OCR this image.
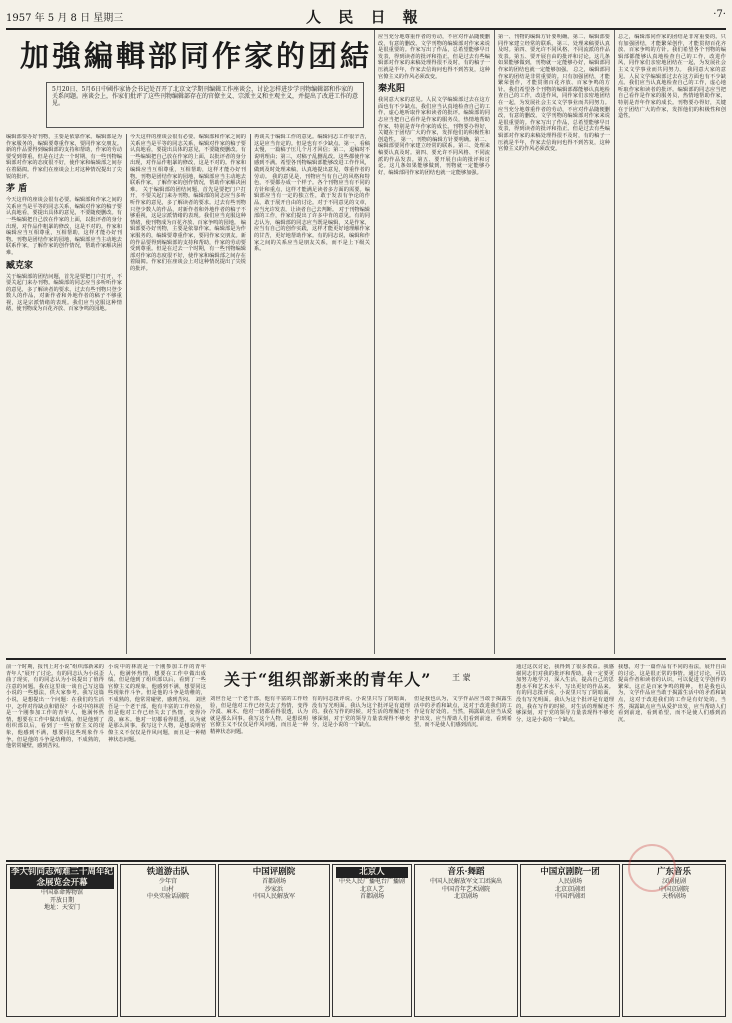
1957 年 5 月 8 日 星期三	人 民 日 報	·7·
加強編輯部同作家的团結
5月20日、5月6日中國作家协会书记处召开了北京文学期刊编辑工作座谈会，讨论怎样进步学刊物编辑部和作家的关系问题。座谈会上，作家们批评了这些刊物编辑部存在的官僚主义、宗派主义和主观主义，并提出了改进工作的意见。
编辑部要办好刊物，主要是依靠作家。编辑部是为作家服务的，编辑要尊重作家，要同作家交朋友。新的作品要得到编辑部的支持和帮助，作家的劳动要受到尊重。但是在过去一个时期，有一些刊物编辑部对作家的态度很不好，使作家和编辑部之间存在着隔阂。作家们在座谈会上对这种情况提出了尖锐的批评。
茅 盾
今天这样的座谈会很有必要。编辑部和作家之间的关系应当是平等的同志关系，编辑对作家的稿子要认真地看，要提出具体的意见，不要随便删改。有一些编辑把自己放在作家的上面，以批评者的身分出现，对作品作粗暴的修改，这是不对的。作家和编辑应当互相尊重，互相帮助，这样才能办好刊物。刊物是团结作家的园地，编辑部应当主动地去联系作家，了解作家的创作情况，帮助作家解决困难。
臧克家
关于编辑部的团结问题，首先是要把门户打开，不要关起门来办刊物。编辑部的同志应当多听听作家的意见，多了解读者的要求。过去有些刊物只登少数人的作品，对新作者和外地作者的稿子不够重视，这是宗派情绪的表现。我们应当克服这种情绪，使刊物成为百花齐放、百家争鸣的园地。
今天这样的座谈会很有必要。编辑部和作家之间的关系应当是平等的同志关系，编辑对作家的稿子要认真地看，要提出具体的意见，不要随便删改。有一些编辑把自己放在作家的上面，以批评者的身分出现，对作品作粗暴的修改，这是不对的。作家和编辑应当互相尊重，互相帮助，这样才能办好刊物。刊物是团结作家的园地，编辑部应当主动地去联系作家，了解作家的创作情况，帮助作家解决困难。 关于编辑部的团结问题，首先是要把门户打开，不要关起门来办刊物。编辑部的同志应当多听听作家的意见，多了解读者的要求。过去有些刊物只登少数人的作品，对新作者和外地作者的稿子不够重视，这是宗派情绪的表现。我们应当克服这种情绪，使刊物成为百花齐放、百家争鸣的园地。 编辑部要办好刊物，主要是依靠作家。编辑部是为作家服务的，编辑要尊重作家，要同作家交朋友。新的作品要得到编辑部的支持和帮助，作家的劳动要受到尊重。但是在过去一个时期，有一些刊物编辑部对作家的态度很不好，使作家和编辑部之间存在着隔阂。作家们在座谈会上对这种情况提出了尖锐的批评。
再谈关于编辑工作的意见。编辑同志工作很辛苦，这是应当肯定的。但是也有不少缺点。第一，看稿太慢，一篇稿子压几个月才回信；第二，退稿时不说明理由；第三，对稿子乱删乱改。这些都使作家感到不满。希望各刊物编辑部能够改进工作作风，做到及时处理来稿，认真地提出意见，尊重作者的劳动。 我的意见是，刊物应当有自己的风格和特色，不要都办成一个样子。各个刊物应当有不同的方针和重点，这样才能满足读者多方面的需要。编辑部应当有一定的独立性，敢于发表有争论的作品，敢于展开自由的讨论。对于不同意见的文章，应当允许发表，让读者自己去判断。 对于刊物编辑部的工作，作家们提出了许多中肯的意见。有的同志认为，编辑部的同志应当既是编辑，又是作家，应当有自己的创作实践，这样才能更好地理解作家的甘苦，更好地帮助作家。有的同志说，编辑和作家之间的关系应当是朋友关系，而不是上下级关系。
应当充分地尊重作者的劳动，不应对作品随便删改，有意的删改。文学刊物的编辑部对作家来说是很重要的。作家写出了作品，总希望能够早日发表，得到读者的批评和指正。但是过去有些编辑部对作家的来稿处理得很不及时，有的稿子一压就是半年，作家去信询问也得不到答复，这种官僚主义的作风必须改变。
秦兆阳
我同意大家的意见。人民文学编辑部过去在这方面也有不少缺点。我们应当认真地检查自己的工作，虚心地听取作家和读者的批评。编辑部的同志应当把自己看作是作家的服务员，热情地帮助作家，特别是青年作家的成长。刊物要办得好，关键在于团结广大的作家，发挥他们的积极性和创造性。 第一、刊物的编辑方针要明确。第二、编辑部要同作家建立经常的联系。第三、处理来稿要认真及时。第四、要允许不同风格、不同流派的作品发表。第五、要开展自由的批评和讨论。这几条如果能够做到，刊物就一定能够办好，编辑部同作家的团结也就一定能够加强。
第一、刊物的编辑方针要明确。第二、编辑部要同作家建立经常的联系。第三、处理来稿要认真及时。第四、要允许不同风格、不同流派的作品发表。第五、要开展自由的批评和讨论。这几条如果能够做到，刊物就一定能够办好，编辑部同作家的团结也就一定能够加强。 总之，编辑部同作家的团结是非常重要的。只有加强团结，才能繁荣创作，才能贯彻百花齐放、百家争鸣的方针。我们希望各个刊物的编辑部都能够认真地检查自己的工作，改进作风，同作家们亲密地团结在一起，为发展社会主义文学事业而共同努力。 应当充分地尊重作者的劳动，不应对作品随便删改，有意的删改。文学刊物的编辑部对作家来说是很重要的。作家写出了作品，总希望能够早日发表，得到读者的批评和指正。但是过去有些编辑部对作家的来稿处理得很不及时，有的稿子一压就是半年，作家去信询问也得不到答复，这种官僚主义的作风必须改变。
总之，编辑部同作家的团结是非常重要的。只有加强团结，才能繁荣创作，才能贯彻百花齐放、百家争鸣的方针。我们希望各个刊物的编辑部都能够认真地检查自己的工作，改进作风，同作家们亲密地团结在一起，为发展社会主义文学事业而共同努力。 我同意大家的意见。人民文学编辑部过去在这方面也有不少缺点。我们应当认真地检查自己的工作，虚心地听取作家和读者的批评。编辑部的同志应当把自己看作是作家的服务员，热情地帮助作家，特别是青年作家的成长。刊物要办得好，关键在于团结广大的作家，发挥他们的积极性和创造性。
关于“组织部新来的青年人”	王 蒙
前一个时期，报刊上对小说“组织部新来的青年人”展开了讨论。有的同志认为小说歪曲了现实，有的同志认为小说提出了值得注意的问题。我在这里谈一谈自己写这篇小说的一些想法，供大家参考。我写这篇小说，是想提出一个问题：在我们的生活中，怎样对待缺点和错误？ 小说中的林震是一个刚参加工作的青年人，他满怀热情，想要在工作中做出成绩。但是他到了组织部以后，看到了一些官僚主义的现象，他感到不满，想要同这些现象作斗争。但是他的斗争是幼稚的，不成熟的，他常常碰壁，感到苦闷。
小说中的林震是一个刚参加工作的青年人，他满怀热情，想要在工作中做出成绩。但是他到了组织部以后，看到了一些官僚主义的现象，他感到不满，想要同这些现象作斗争。但是他的斗争是幼稚的，不成熟的，他常常碰壁，感到苦闷。 刘世吾是一个老干部，他有丰富的工作经验，但是他对工作已经失去了热情，变得冷漠、麻木。他对一切都看得很透，认为就是那么回事。我写这个人物，是想说明官僚主义不仅仅是作风问题，而且是一种精神状态问题。
刘世吾是一个老干部，他有丰富的工作经验，但是他对工作已经失去了热情，变得冷漠、麻木。他对一切都看得很透，认为就是那么回事。我写这个人物，是想说明官僚主义不仅仅是作风问题，而且是一种精神状态问题。
有的同志批评说，小说里只写了阴暗面，没有写光明面。我认为这个批评是有道理的。我在写作的时候，对生活的理解还不够深刻，对于党的领导力量表现得不够充分，这是小说的一个缺点。
但是我也认为，文学作品应当敢于揭露生活中的矛盾和缺点，这对于改进我们的工作是有好处的。当然，揭露缺点应当从爱护出发，应当帮助人们看到前途，看到希望，而不是使人们感到消沉。
通过这次讨论，我得到了很多教益。我感谢同志们对我的批评和帮助。我一定要更加努力地学习，深入生活，提高自己的思想水平和艺术水平，写出更好的作品来。 有的同志批评说，小说里只写了阴暗面，没有写光明面。我认为这个批评是有道理的。我在写作的时候，对生活的理解还不够深刻，对于党的领导力量表现得不够充分，这是小说的一个缺点。
我想，对于一篇作品有不同的看法，展开自由的讨论，这是很正常的事情。通过讨论，可以提高作者和读者的认识，可以促进文学创作的繁荣。这正是百家争鸣的精神。 但是我也认为，文学作品应当敢于揭露生活中的矛盾和缺点，这对于改进我们的工作是有好处的。当然，揭露缺点应当从爱护出发，应当帮助人们看到前途，看到希望，而不是使人们感到消沉。
李大钊同志殉难三十周年纪念展览会开幕
中国革命博物馆
开放日期
地址：天安门
铁道游击队
少年宫
山村
中央实验话剧院
中国评剧院
首都剧场
沙家浜
中国人民解放军
北京人
中央人民广播电台广播剧
北京人艺
首都剧场
音乐·舞蹈
中国人民解放军文工团演出
中国青年艺术剧院
北京剧场
中国京剧院一团
人民剧场
北京京剧团
中国评剧团
广东音乐
汉剧昆剧
中国京剧院
天桥剧场
